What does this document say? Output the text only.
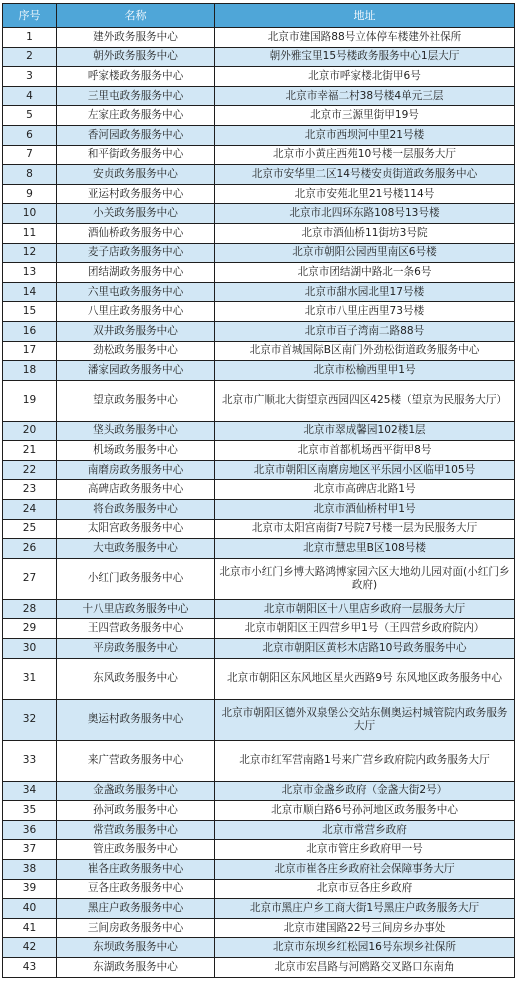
序号	名称	地址
1	建外政务服务中心	北京市建国路88号立体停车楼建外社保所
2	朝外政务服务中心	朝外雅宝里15号楼政务服务中心1层大厅
3	呼家楼政务服务中心	北京市呼家楼北街甲6号
4	三里屯政务服务中心	北京市幸福二村38号楼4单元三层
5	左家庄政务服务中心	北京市三源里街甲19号
6	香河园政务服务中心	北京市西坝河中里21号楼
7	和平街政务服务中心	北京市小黄庄西苑10号楼一层服务大厅
8	安贞政务服务中心	北京市安华里二区14号楼安贞街道政务服务中心
9	亚运村政务服务中心	北京市安苑北里21号楼114号
10	小关政务服务中心	北京市北四环东路108号13号楼
11	酒仙桥政务服务中心	北京市酒仙桥11街坊3号院
12	麦子店政务服务中心	北京市朝阳公园西里南区6号楼
13	团结湖政务服务中心	北京市团结湖中路北一条6号
14	六里屯政务服务中心	北京市甜水园北里17号楼
15	八里庄政务服务中心	北京市八里庄西里73号楼
16	双井政务服务中心	北京市百子湾南二路88号
17	劲松政务服务中心	北京市首城国际B区南门外劲松街道政务服务中心
18	潘家园政务服务中心	北京市松榆西里甲1号
19	望京政务服务中心	北京市广顺北大街望京西园四区425楼（望京为民服务大厅）
20	垡头政务服务中心	北京市翠成馨园102楼1层
21	机场政务服务中心	北京市首都机场西平街甲8号
22	南磨房政务服务中心	北京市朝阳区南磨房地区平乐园小区临甲105号
23	高碑店政务服务中心	北京市高碑店北路1号
24	将台政务服务中心	北京市酒仙桥村甲1号
25	太阳宫政务服务中心	北京市太阳宫南街7号院7号楼一层为民服务大厅
26	大屯政务服务中心	北京市慧忠里B区108号楼
27	小红门政务服务中心	北京市小红门乡博大路鸿博家园六区大地幼儿园对面(小红门乡政府)
28	十八里店政务服务中心	北京市朝阳区十八里店乡政府一层服务大厅
29	王四营政务服务中心	北京市朝阳区王四营乡甲1号（王四营乡政府院内）
30	平房政务服务中心	北京市朝阳区黄杉木店路10号政务服务中心
31	东风政务服务中心	北京市朝阳区东风地区星火西路9号 东风地区政务服务中心
32	奥运村政务服务中心	北京市朝阳区德外双泉堡公交站东侧奥运村城管院内政务服务大厅
33	来广营政务服务中心	北京市红军营南路1号来广营乡政府院内政务服务大厅
34	金盏政务服务中心	北京市金盏乡政府（金盏大街2号）
35	孙河政务服务中心	北京市顺白路6号孙河地区政务服务中心
36	常营政务服务中心	北京市常营乡政府
37	管庄政务服务中心	北京市管庄乡政府甲一号
38	崔各庄政务服务中心	北京市崔各庄乡政府社会保障事务大厅
39	豆各庄政务服务中心	北京市豆各庄乡政府
40	黑庄户政务服务中心	北京市黑庄户乡工商大街1号黑庄户政务服务大厅
41	三间房政务服务中心	北京市建国路22号三间房乡办事处
42	东坝政务服务中心	北京市东坝乡红松园16号东坝乡社保所
43	东湖政务服务中心	北京市宏昌路与河鸥路交叉路口东南角
